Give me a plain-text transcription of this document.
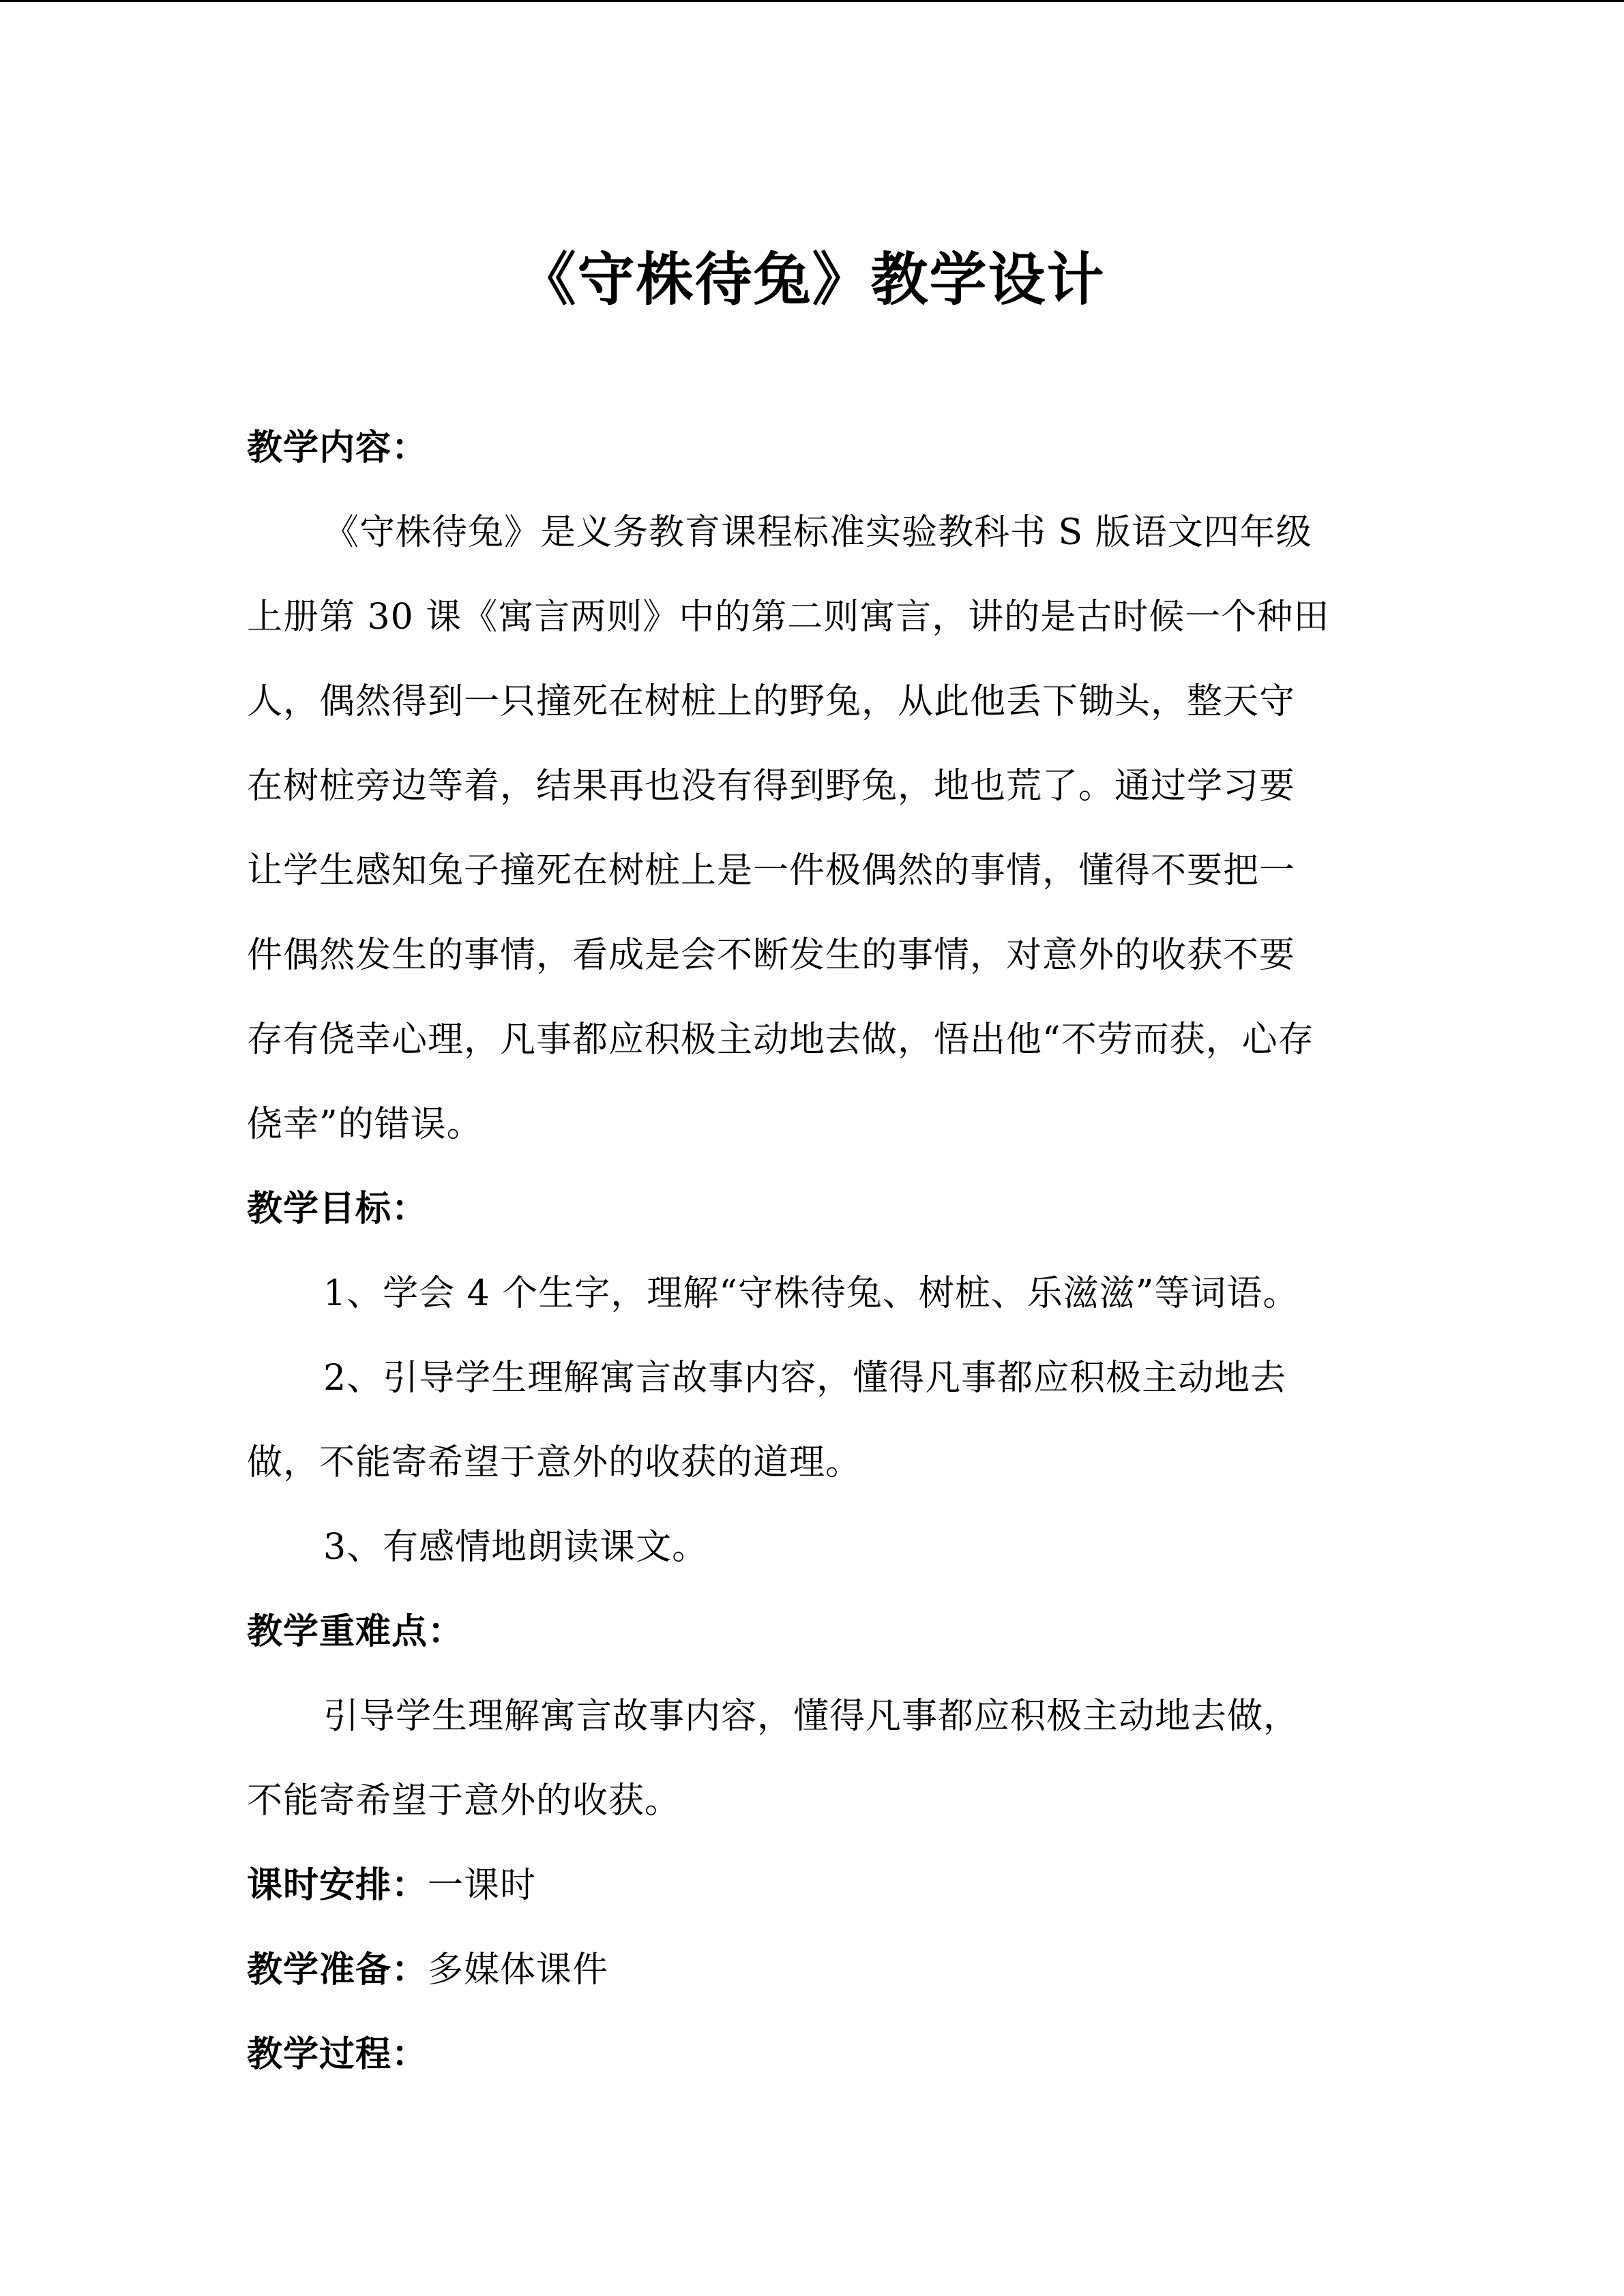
《守株待兔》教学设计
教学内容：
《守株待兔》是义务教育课程标准实验教科书 S 版语文四年级
上册第 30 课《寓言两则》中的第二则寓言，讲的是古时候一个种田
人，偶然得到一只撞死在树桩上的野兔，从此他丢下锄头，整天守
在树桩旁边等着，结果再也没有得到野兔，地也荒了。通过学习要
让学生感知兔子撞死在树桩上是一件极偶然的事情，懂得不要把一
件偶然发生的事情，看成是会不断发生的事情，对意外的收获不要
存有侥幸心理，凡事都应积极主动地去做，悟出他“不劳而获，心存
侥幸”的错误。
教学目标：
1、学会 4 个生字，理解“守株待兔、树桩、乐滋滋”等词语。
2、引导学生理解寓言故事内容，懂得凡事都应积极主动地去
做，不能寄希望于意外的收获的道理。
3、有感情地朗读课文。
教学重难点：
引导学生理解寓言故事内容，懂得凡事都应积极主动地去做，
不能寄希望于意外的收获。
课时安排：一课时
教学准备：多媒体课件
教学过程：
